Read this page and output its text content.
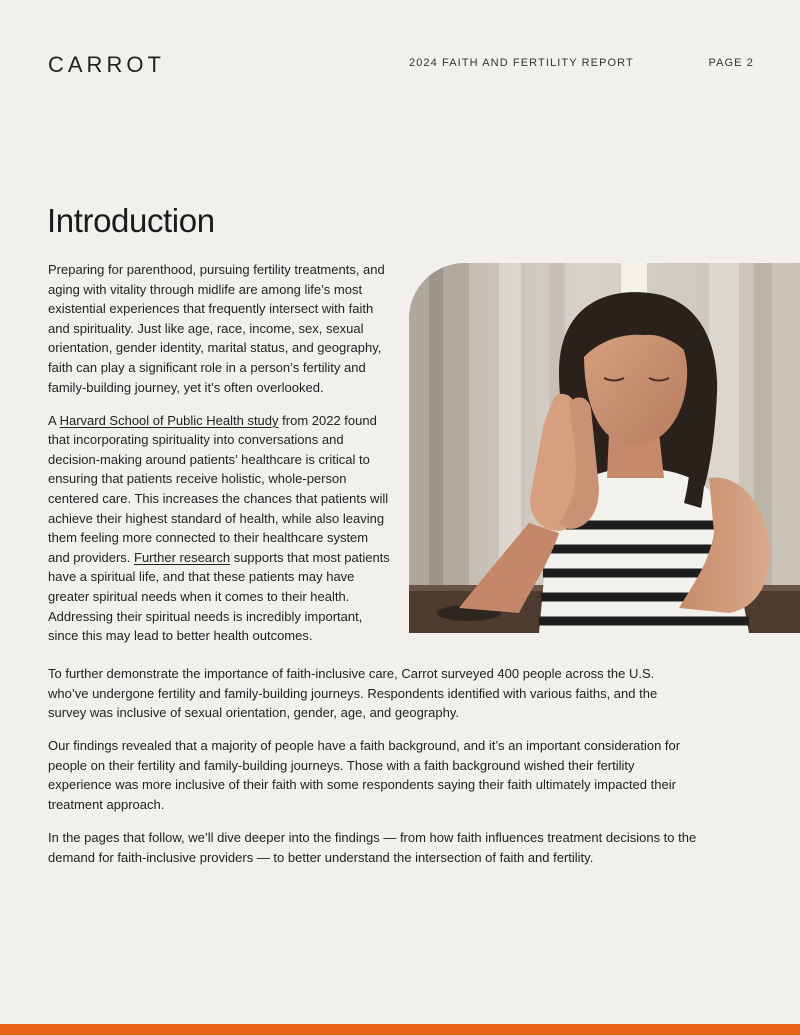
CARROT	2024 FAITH AND FERTILITY REPORT	PAGE 2
Introduction

Preparing for parenthood, pursuing fertility treatments, and aging with vitality through midlife are among life’s most existential experiences that frequently intersect with faith and spirituality. Just like age, race, income, sex, sexual orientation, gender identity, marital status, and geography, faith can play a significant role in a person’s fertility and family-building journey, yet it’s often overlooked.

A Harvard School of Public Health study from 2022 found that incorporating spirituality into conversations and decision-making around patients’ healthcare is critical to ensuring that patients receive holistic, whole-person centered care. This increases the chances that patients will achieve their highest standard of health, while also leaving them feeling more connected to their healthcare system and providers. Further research supports that most patients have a spiritual life, and that these patients may have greater spiritual needs when it comes to their health. Addressing their spiritual needs is incredibly important, since this may lead to better health outcomes.

To further demonstrate the importance of faith-inclusive care, Carrot surveyed 400 people across the U.S. who’ve undergone fertility and family-building journeys. Respondents identified with various faiths, and the survey was inclusive of sexual orientation, gender, age, and geography.

Our findings revealed that a majority of people have a faith background, and it’s an important consideration for people on their fertility and family-building journeys. Those with a faith background wished their fertility experience was more inclusive of their faith with some respondents saying their faith ultimately impacted their treatment approach.

In the pages that follow, we’ll dive deeper into the findings — from how faith influences treatment decisions to the demand for faith-inclusive providers — to better understand the intersection of faith and fertility.
